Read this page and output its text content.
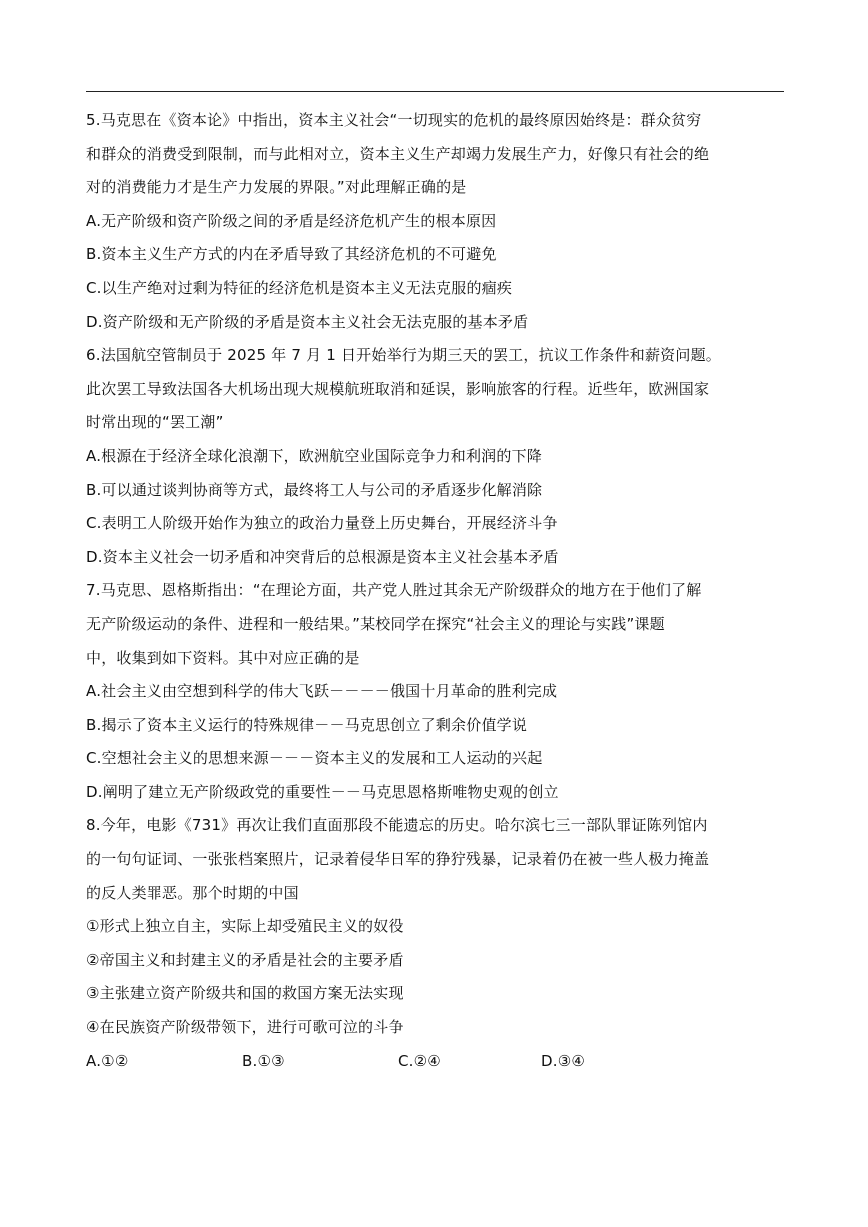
5.马克思在《资本论》中指出，资本主义社会“一切现实的危机的最终原因始终是：群众贫穷
和群众的消费受到限制，而与此相对立，资本主义生产却竭力发展生产力，好像只有社会的绝
对的消费能力才是生产力发展的界限。”对此理解正确的是
A.无产阶级和资产阶级之间的矛盾是经济危机产生的根本原因
B.资本主义生产方式的内在矛盾导致了其经济危机的不可避免
C.以生产绝对过剩为特征的经济危机是资本主义无法克服的痼疾
D.资产阶级和无产阶级的矛盾是资本主义社会无法克服的基本矛盾
6.法国航空管制员于 2025 年 7 月 1 日开始举行为期三天的罢工，抗议工作条件和薪资问题。
此次罢工导致法国各大机场出现大规模航班取消和延误，影响旅客的行程。近些年，欧洲国家
时常出现的“罢工潮”
A.根源在于经济全球化浪潮下，欧洲航空业国际竞争力和利润的下降
B.可以通过谈判协商等方式，最终将工人与公司的矛盾逐步化解消除
C.表明工人阶级开始作为独立的政治力量登上历史舞台，开展经济斗争
D.资本主义社会一切矛盾和冲突背后的总根源是资本主义社会基本矛盾
7.马克思、恩格斯指出：“在理论方面，共产党人胜过其余无产阶级群众的地方在于他们了解
无产阶级运动的条件、进程和一般结果。”某校同学在探究“社会主义的理论与实践”课题
中，收集到如下资料。其中对应正确的是
A.社会主义由空想到科学的伟大飞跃－－－－俄国十月革命的胜利完成
B.揭示了资本主义运行的特殊规律－－马克思创立了剩余价值学说
C.空想社会主义的思想来源－－－资本主义的发展和工人运动的兴起
D.阐明了建立无产阶级政党的重要性－－马克思恩格斯唯物史观的创立
8.今年，电影《731》再次让我们直面那段不能遗忘的历史。哈尔滨七三一部队罪证陈列馆内
的一句句证词、一张张档案照片，记录着侵华日军的狰狞残暴，记录着仍在被一些人极力掩盖
的反人类罪恶。那个时期的中国
①形式上独立自主，实际上却受殖民主义的奴役
②帝国主义和封建主义的矛盾是社会的主要矛盾
③主张建立资产阶级共和国的救国方案无法实现
④在民族资产阶级带领下，进行可歌可泣的斗争
A.①②	B.①③	C.②④	D.③④
